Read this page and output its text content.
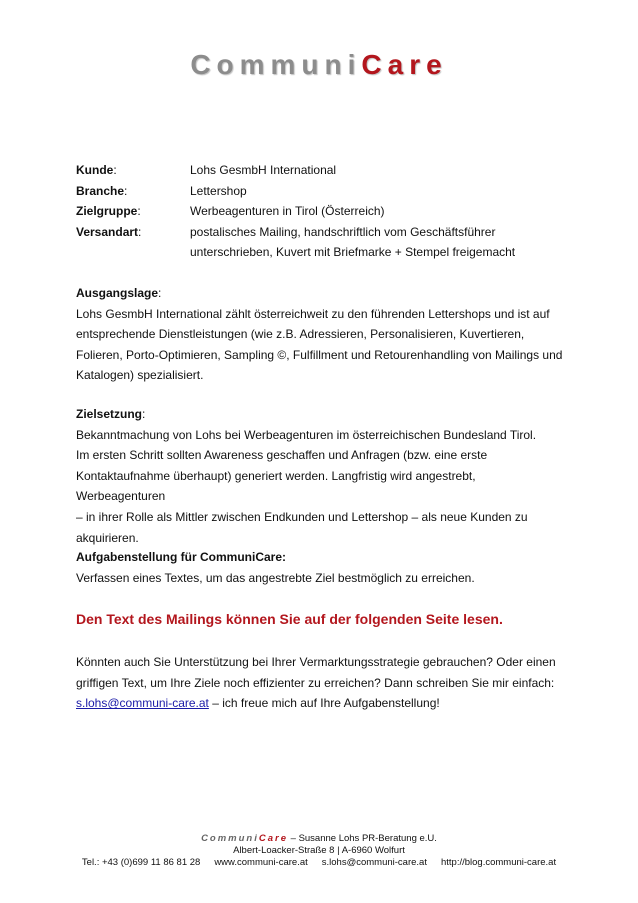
CommuniCare
Kunde:	Lohs GesmbH International
Branche:	Lettershop
Zielgruppe:	Werbeagenturen in Tirol (Österreich)
Versandart:	postalisches Mailing, handschriftlich vom Geschäftsführer unterschrieben, Kuvert mit Briefmarke + Stempel freigemacht
Ausgangslage:
Lohs GesmbH International zählt österreichweit zu den führenden Lettershops und ist auf
entsprechende Dienstleistungen (wie z.B. Adressieren, Personalisieren, Kuvertieren,
Folieren, Porto-Optimieren, Sampling ©, Fulfillment und Retourenhandling von Mailings und
Katalogen) spezialisiert.
Zielsetzung:
Bekanntmachung von Lohs bei Werbeagenturen im österreichischen Bundesland Tirol.
Im ersten Schritt sollten Awareness geschaffen und Anfragen (bzw. eine erste
Kontaktaufnahme überhaupt) generiert werden. Langfristig wird angestrebt, Werbeagenturen
– in ihrer Rolle als Mittler zwischen Endkunden und Lettershop – als neue Kunden zu
akquirieren.
Aufgabenstellung für CommuniCare:
Verfassen eines Textes, um das angestrebte Ziel bestmöglich zu erreichen.
Den Text des Mailings können Sie auf der folgenden Seite lesen.
Könnten auch Sie Unterstützung bei Ihrer Vermarktungsstrategie gebrauchen? Oder einen
griffigen Text, um Ihre Ziele noch effizienter zu erreichen? Dann schreiben Sie mir einfach:
s.lohs@communi-care.at – ich freue mich auf Ihre Aufgabenstellung!
CommuniCare – Susanne Lohs PR-Beratung e.U.
Albert-Loacker-Straße 8 | A-6960 Wolfurt
Tel.: +43 (0)699 11 86 81 28 www.communi-care.at s.lohs@communi-care.at http://blog.communi-care.at
